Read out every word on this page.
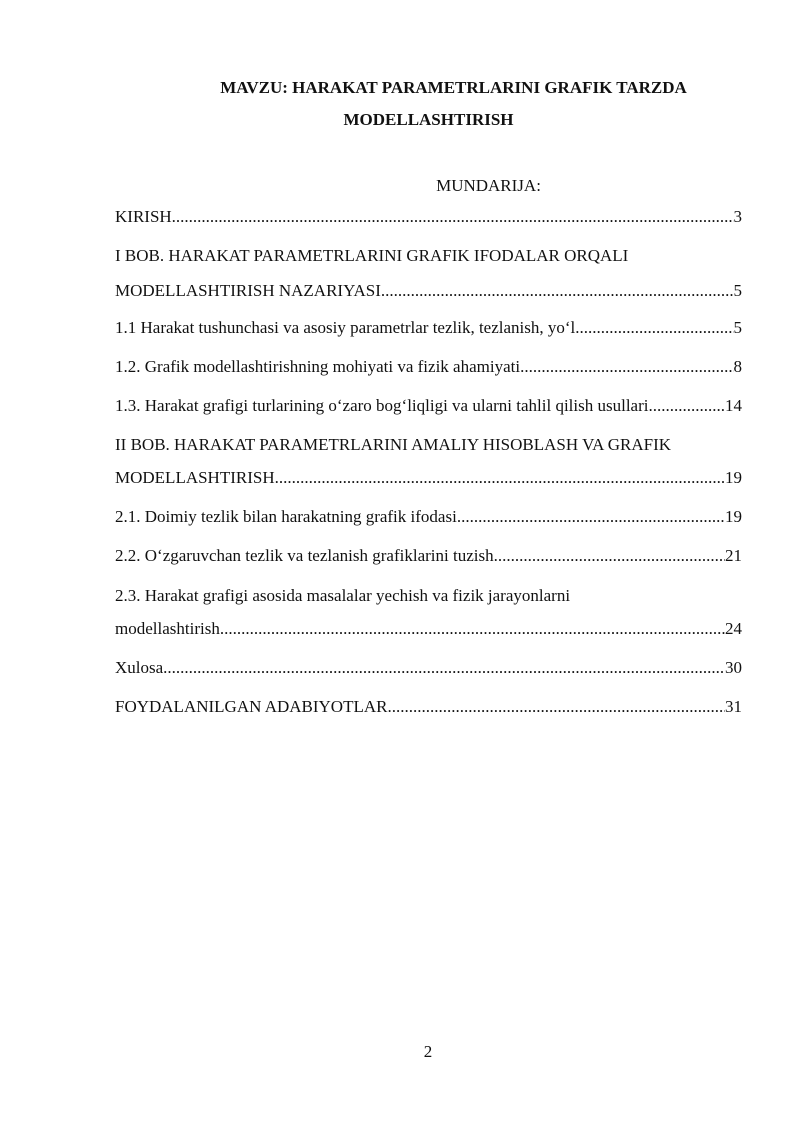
MAVZU: HARAKAT PARAMETRLARINI GRAFIK TARZDA
MODELLASHTIRISH
MUNDARIJA:
KIRISH .....	3
I BOB. HARAKAT PARAMETRLARINI GRAFIK IFODALAR ORQALI
MODELLASHTIRISH NAZARIYASI .....	5
1.1 Harakat tushunchasi va asosiy parametrlar tezlik, tezlanish, yo‘l .....	5
1.2. Grafik modellashtirishning mohiyati va fizik ahamiyati .....	8
1.3. Harakat grafigi turlarining o‘zaro bog‘liqligi va ularni tahlil qilish usullari.. .....	.14
II BOB. HARAKAT PARAMETRLARINI AMALIY HISOBLASH VA GRAFIK
MODELLASHTIRISH .....	19
2.1. Doimiy tezlik bilan harakatning grafik ifodasi .....	19
2.2. O‘zgaruvchan tezlik va tezlanish grafiklarini tuzish .....	21
2.3. Harakat grafigi asosida masalalar yechish va fizik jarayonlarni
modellashtirish .....	24
Xulosa .....	30
FOYDALANILGAN ADABIYOTLAR .....	31
2
